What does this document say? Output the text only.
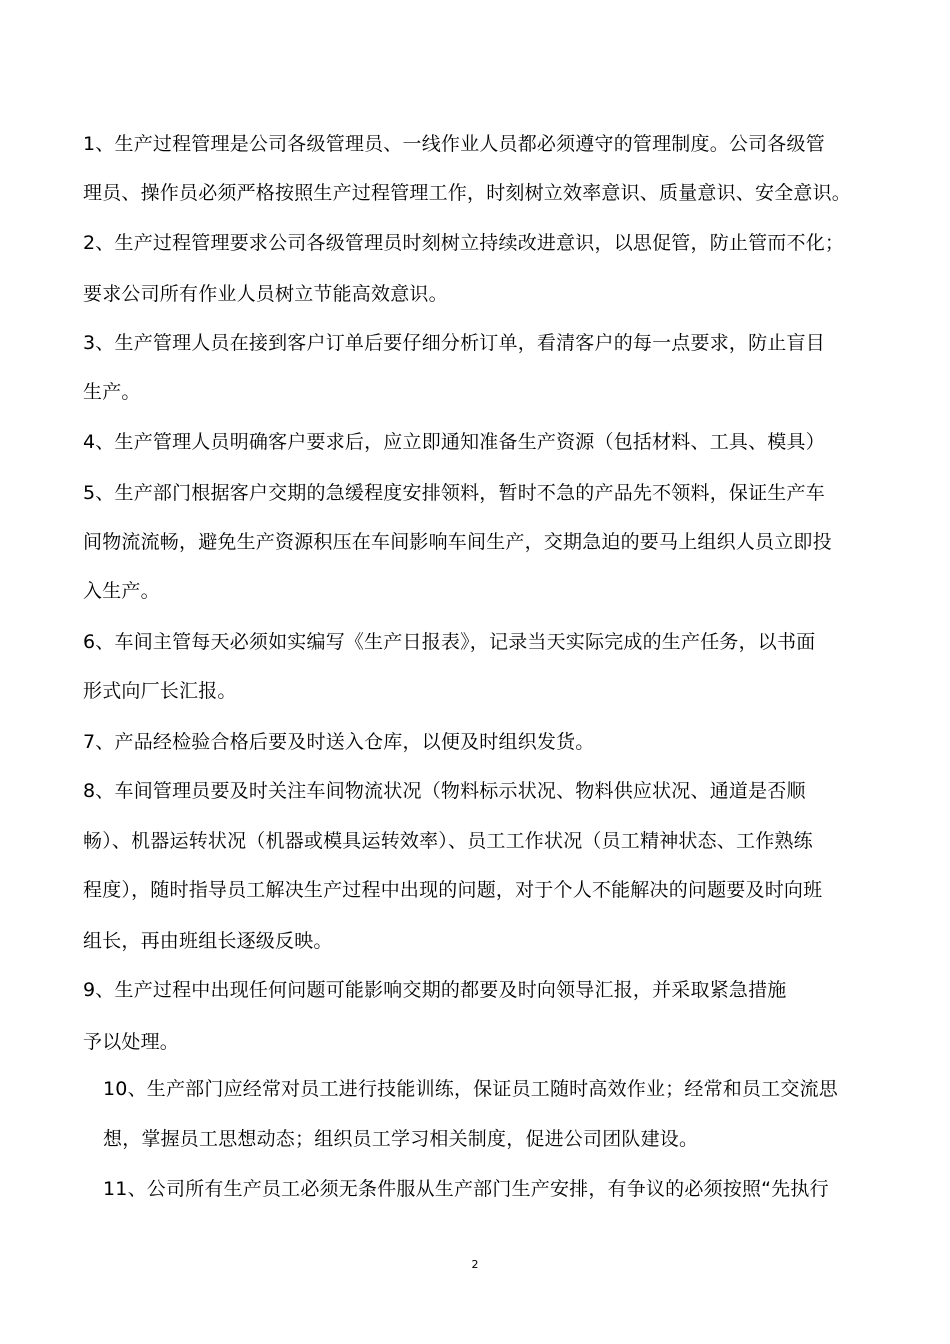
1、生产过程管理是公司各级管理员、一线作业人员都必须遵守的管理制度。公司各级管
理员、操作员必须严格按照生产过程管理工作，时刻树立效率意识、质量意识、安全意识。
2、生产过程管理要求公司各级管理员时刻树立持续改进意识，以思促管，防止管而不化；
要求公司所有作业人员树立节能高效意识。
3、生产管理人员在接到客户订单后要仔细分析订单，看清客户的每一点要求，防止盲目
生产。
4、生产管理人员明确客户要求后，应立即通知准备生产资源（包括材料、工具、模具）
5、生产部门根据客户交期的急缓程度安排领料，暂时不急的产品先不领料，保证生产车
间物流流畅，避免生产资源积压在车间影响车间生产，交期急迫的要马上组织人员立即投
入生产。
6、车间主管每天必须如实编写《生产日报表》，记录当天实际完成的生产任务，以书面
形式向厂长汇报。
7、产品经检验合格后要及时送入仓库，以便及时组织发货。
8、车间管理员要及时关注车间物流状况（物料标示状况、物料供应状况、通道是否顺
畅）、机器运转状况（机器或模具运转效率）、员工工作状况（员工精神状态、工作熟练
程度），随时指导员工解决生产过程中出现的问题，对于个人不能解决的问题要及时向班
组长，再由班组长逐级反映。
9、生产过程中出现任何问题可能影响交期的都要及时向领导汇报，并采取紧急措施
予以处理。
10、生产部门应经常对员工进行技能训练，保证员工随时高效作业；经常和员工交流思
想，掌握员工思想动态；组织员工学习相关制度，促进公司团队建设。
11、公司所有生产员工必须无条件服从生产部门生产安排，有争议的必须按照“先执行
2
